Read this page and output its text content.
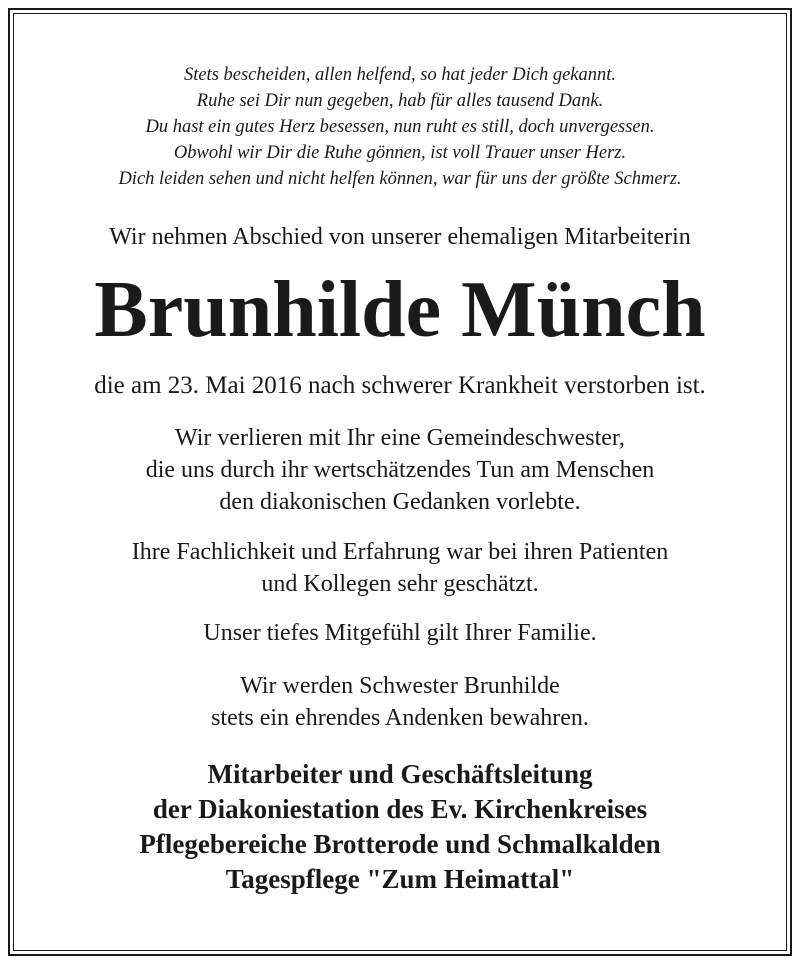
Stets bescheiden, allen helfend, so hat jeder Dich gekannt.
Ruhe sei Dir nun gegeben, hab für alles tausend Dank.
Du hast ein gutes Herz besessen, nun ruht es still, doch unvergessen.
Obwohl wir Dir die Ruhe gönnen, ist voll Trauer unser Herz.
Dich leiden sehen und nicht helfen können, war für uns der größte Schmerz.
Wir nehmen Abschied von unserer ehemaligen Mitarbeiterin
Brunhilde Münch
die am 23. Mai 2016 nach schwerer Krankheit verstorben ist.
Wir verlieren mit Ihr eine Gemeindeschwester,
die uns durch ihr wertschätzendes Tun am Menschen
den diakonischen Gedanken vorlebte.
Ihre Fachlichkeit und Erfahrung war bei ihren Patienten
und Kollegen sehr geschätzt.
Unser tiefes Mitgefühl gilt Ihrer Familie.
Wir werden Schwester Brunhilde
stets ein ehrendes Andenken bewahren.
Mitarbeiter und Geschäftsleitung
der Diakoniestation des Ev. Kirchenkreises
Pflegebereiche Brotterode und Schmalkalden
Tagespflege "Zum Heimattal"
